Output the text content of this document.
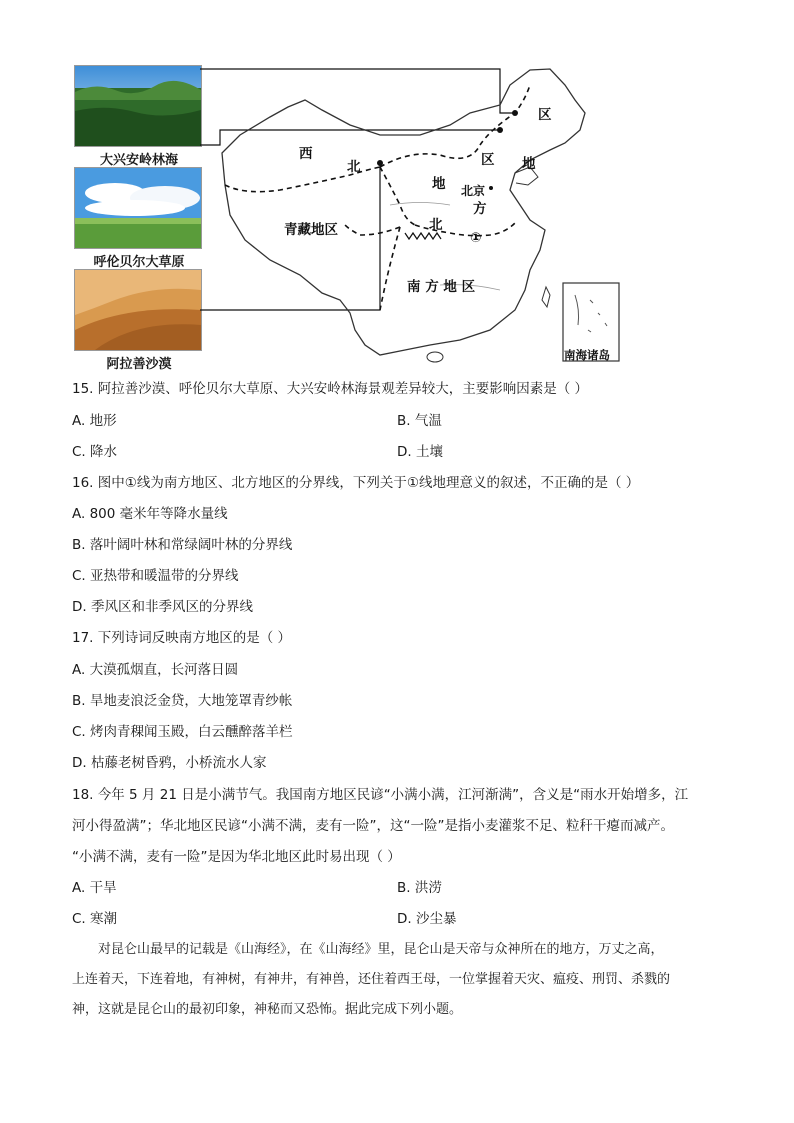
大兴安岭林海
呼伦贝尔大草原
阿拉善沙漠
西
北
青藏地区
区
区 地
地 北京
方
北
①
南 方 地 区
南海诸岛
15. 阿拉善沙漠、呼伦贝尔大草原、大兴安岭林海景观差异较大，主要影响因素是（ ）
A. 地形	B. 气温
C. 降水	D. 土壤
16. 图中①线为南方地区、北方地区的分界线，下列关于①线地理意义的叙述，不正确的是（ ）
A. 800 毫米年等降水量线
B. 落叶阔叶林和常绿阔叶林的分界线
C. 亚热带和暖温带的分界线
D. 季风区和非季风区的分界线
17. 下列诗词反映南方地区的是（ ）
A. 大漠孤烟直，长河落日圆
B. 旱地麦浪泛金贷，大地笼罩青纱帐
C. 烤肉青稞闻玉殿，白云醺醉落羊栏
D. 枯藤老树昏鸦，小桥流水人家
18. 今年 5 月 21 日是小满节气。我国南方地区民谚“小满小满，江河渐满”，含义是“雨水开始增多，江
河小得盈满”；华北地区民谚“小满不满，麦有一险”，这“一险”是指小麦灌浆不足、粒秆干瘪而减产。
“小满不满，麦有一险”是因为华北地区此时易出现（ ）
A. 干旱	B. 洪涝
C. 寒潮	D. 沙尘暴
对昆仑山最早的记载是《山海经》，在《山海经》里，昆仑山是天帝与众神所在的地方，万丈之高，
上连着天，下连着地，有神树，有神井，有神兽，还住着西王母，一位掌握着天灾、瘟疫、刑罚、杀戮的
神，这就是昆仑山的最初印象，神秘而又恐怖。据此完成下列小题。
